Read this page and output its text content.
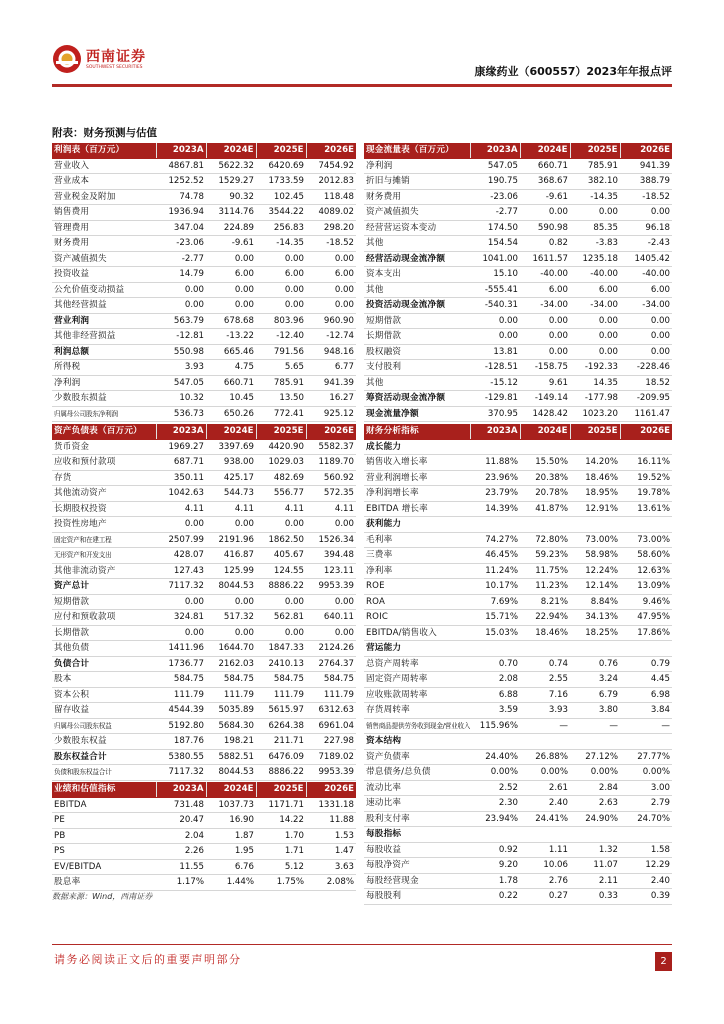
西南证券
SOUTHWEST SECURITIES	康缘药业（600557）2023年年报点评
附表：财务预测与估值
利润表（百万元）	2023A	2024E	2025E	2026E
营业收入	4867.81	5622.32	6420.69	7454.92
营业成本	1252.52	1529.27	1733.59	2012.83
营业税金及附加	74.78	90.32	102.45	118.48
销售费用	1936.94	3114.76	3544.22	4089.02
管理费用	347.04	224.89	256.83	298.20
财务费用	-23.06	-9.61	-14.35	-18.52
资产减值损失	-2.77	0.00	0.00	0.00
投资收益	14.79	6.00	6.00	6.00
公允价值变动损益	0.00	0.00	0.00	0.00
其他经营损益	0.00	0.00	0.00	0.00
营业利润	563.79	678.68	803.96	960.90
其他非经营损益	-12.81	-13.22	-12.40	-12.74
利润总额	550.98	665.46	791.56	948.16
所得税	3.93	4.75	5.65	6.77
净利润	547.05	660.71	785.91	941.39
少数股东损益	10.32	10.45	13.50	16.27
归属母公司股东净利润	536.73	650.26	772.41	925.12

现金流量表（百万元）	2023A	2024E	2025E	2026E
净利润	547.05	660.71	785.91	941.39
折旧与摊销	190.75	368.67	382.10	388.79
财务费用	-23.06	-9.61	-14.35	-18.52
资产减值损失	-2.77	0.00	0.00	0.00
经营营运资本变动	174.50	590.98	85.35	96.18
其他	154.54	0.82	-3.83	-2.43
经营活动现金流净额	1041.00	1611.57	1235.18	1405.42
资本支出	15.10	-40.00	-40.00	-40.00
其他	-555.41	6.00	6.00	6.00
投资活动现金流净额	-540.31	-34.00	-34.00	-34.00
短期借款	0.00	0.00	0.00	0.00
长期借款	0.00	0.00	0.00	0.00
股权融资	13.81	0.00	0.00	0.00
支付股利	-128.51	-158.75	-192.33	-228.46
其他	-15.12	9.61	14.35	18.52
筹资活动现金流净额	-129.81	-149.14	-177.98	-209.95
现金流量净额	370.95	1428.42	1023.20	1161.47

资产负债表（百万元）	2023A	2024E	2025E	2026E
货币资金	1969.27	3397.69	4420.90	5582.37
应收和预付款项	687.71	938.00	1029.03	1189.70
存货	350.11	425.17	482.69	560.92
其他流动资产	1042.63	544.73	556.77	572.35
长期股权投资	4.11	4.11	4.11	4.11
投资性房地产	0.00	0.00	0.00	0.00
固定资产和在建工程	2507.99	2191.96	1862.50	1526.34
无形资产和开发支出	428.07	416.87	405.67	394.48
其他非流动资产	127.43	125.99	124.55	123.11
资产总计	7117.32	8044.53	8886.22	9953.39
短期借款	0.00	0.00	0.00	0.00
应付和预收款项	324.81	517.32	562.81	640.11
长期借款	0.00	0.00	0.00	0.00
其他负债	1411.96	1644.70	1847.33	2124.26
负债合计	1736.77	2162.03	2410.13	2764.37
股本	584.75	584.75	584.75	584.75
资本公积	111.79	111.79	111.79	111.79
留存收益	4544.39	5035.89	5615.97	6312.63
归属母公司股东权益	5192.80	5684.30	6264.38	6961.04
少数股东权益	187.76	198.21	211.71	227.98
股东权益合计	5380.55	5882.51	6476.09	7189.02
负债和股东权益合计	7117.32	8044.53	8886.22	9953.39

财务分析指标	2023A	2024E	2025E	2026E
成长能力				
销售收入增长率	11.88%	15.50%	14.20%	16.11%
营业利润增长率	23.96%	20.38%	18.46%	19.52%
净利润增长率	23.79%	20.78%	18.95%	19.78%
EBITDA 增长率	14.39%	41.87%	12.91%	13.61%
获利能力				
毛利率	74.27%	72.80%	73.00%	73.00%
三费率	46.45%	59.23%	58.98%	58.60%
净利率	11.24%	11.75%	12.24%	12.63%
ROE	10.17%	11.23%	12.14%	13.09%
ROA	7.69%	8.21%	8.84%	9.46%
ROIC	15.71%	22.94%	34.13%	47.95%
EBITDA/销售收入	15.03%	18.46%	18.25%	17.86%
营运能力				
总资产周转率	0.70	0.74	0.76	0.79
固定资产周转率	2.08	2.55	3.24	4.45
应收账款周转率	6.88	7.16	6.79	6.98
存货周转率	3.59	3.93	3.80	3.84
销售商品提供劳务收到现金/营业收入	115.96%	—	—	—
资本结构				
资产负债率	24.40%	26.88%	27.12%	27.77%
带息债务/总负债	0.00%	0.00%	0.00%	0.00%
流动比率	2.52	2.61	2.84	3.00
速动比率	2.30	2.40	2.63	2.79
股利支付率	23.94%	24.41%	24.90%	24.70%
每股指标				
每股收益	0.92	1.11	1.32	1.58
每股净资产	9.20	10.06	11.07	12.29
每股经营现金	1.78	2.76	2.11	2.40
每股股利	0.22	0.27	0.33	0.39
业绩和估值指标	2023A	2024E	2025E	2026E
EBITDA	731.48	1037.73	1171.71	1331.18
PE	20.47	16.90	14.22	11.88
PB	2.04	1.87	1.70	1.53
PS	2.26	1.95	1.71	1.47
EV/EBITDA	11.55	6.76	5.12	3.63
股息率	1.17%	1.44%	1.75%	2.08%
数据来源：Wind，西南证券
请务必阅读正文后的重要声明部分	2
